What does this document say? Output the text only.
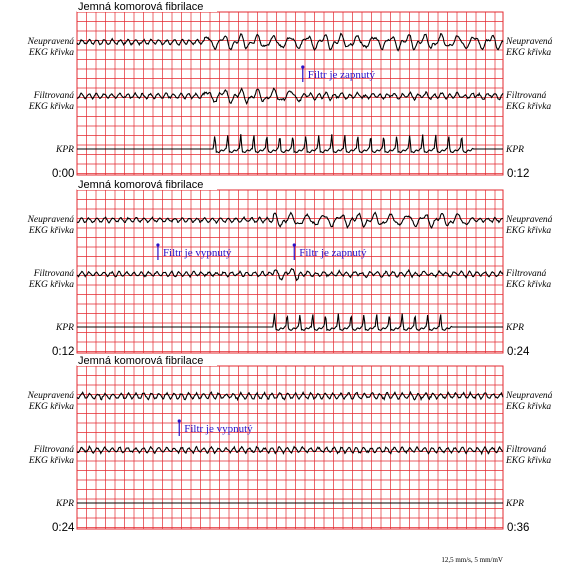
Jemná komorová fibrilace
0:00	0:12
Neupravená
EKG křivka
Neupravená
EKG křivka
Filtrovaná
EKG křivka
Filtrovaná
EKG křivka
KPR	KPR
Filtr je zapnutý
Jemná komorová fibrilace
0:12	0:24
Neupravená
EKG křivka
Neupravená
EKG křivka
Filtrovaná
EKG křivka
Filtrovaná
EKG křivka
KPR	KPR
Filtr je vypnutý	Filtr je zapnutý
Jemná komorová fibrilace
0:24	0:36
Neupravená
EKG křivka
Neupravená
EKG křivka
Filtrovaná
EKG křivka
Filtrovaná
EKG křivka
KPR	KPR
Filtr je vypnutý
12,5 mm/s, 5 mm/mV
